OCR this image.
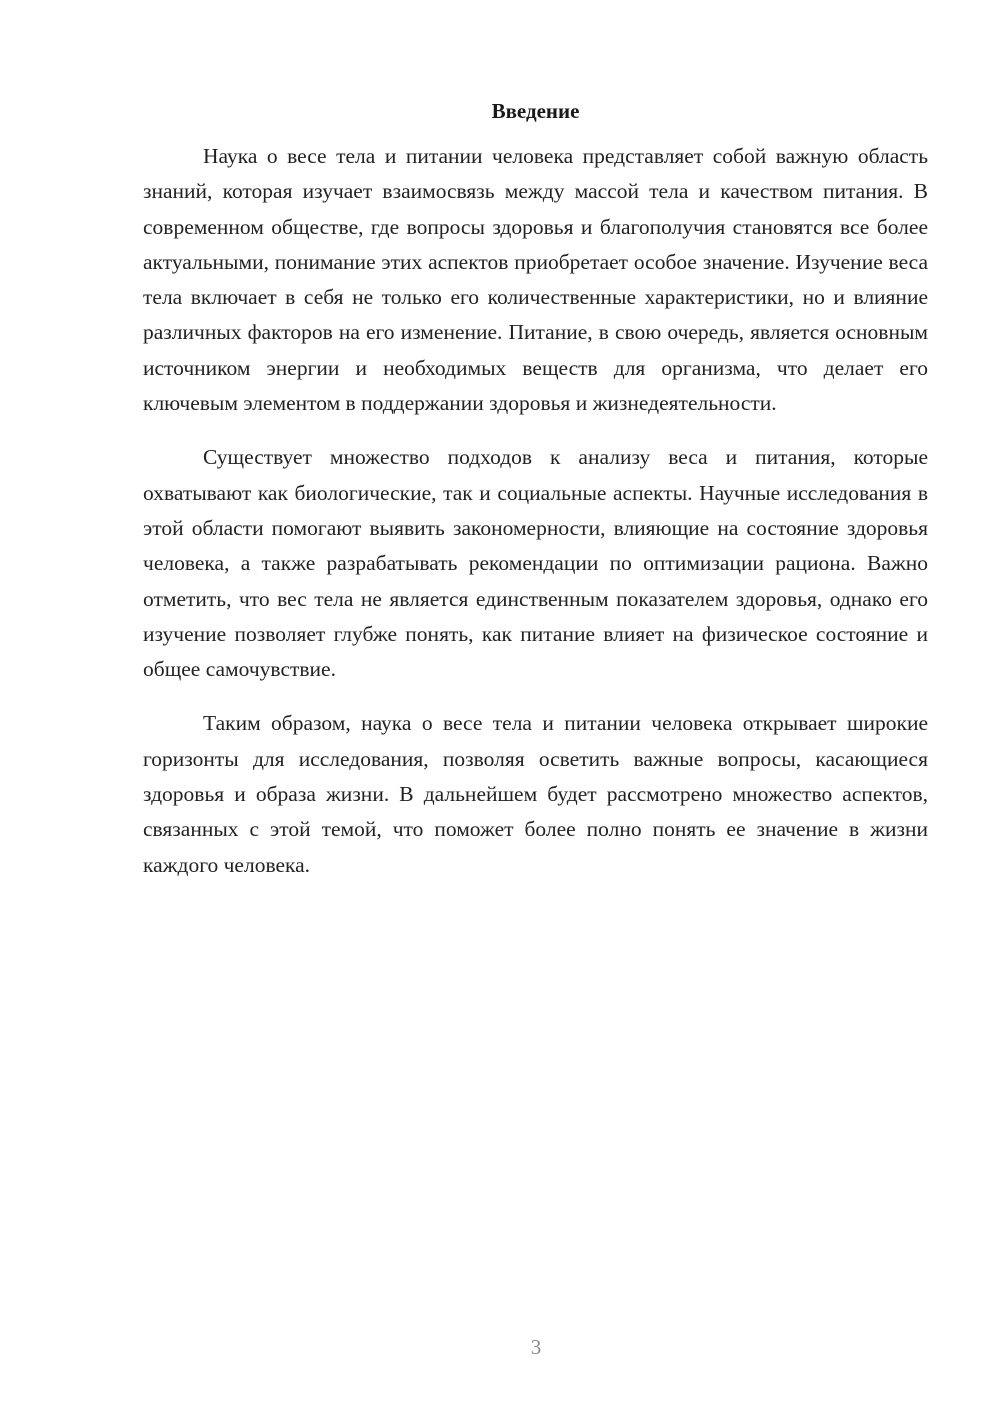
Введение

Наука о весе тела и питании человека представляет собой важную область знаний, которая изучает взаимосвязь между массой тела и качеством питания. В современном обществе, где вопросы здоровья и благополучия становятся все более актуальными, понимание этих аспектов приобретает особое значение. Изучение веса тела включает в себя не только его количественные характеристики, но и влияние различных факторов на его изменение. Питание, в свою очередь, является основным источником энергии и необходимых веществ для организма, что делает его ключевым элементом в поддержании здоровья и жизнедеятельности.

Существует множество подходов к анализу веса и питания, которые охватывают как биологические, так и социальные аспекты. Научные исследования в этой области помогают выявить закономерности, влияющие на состояние здоровья человека, а также разрабатывать рекомендации по оптимизации рациона. Важно отметить, что вес тела не является единственным показателем здоровья, однако его изучение позволяет глубже понять, как питание влияет на физическое состояние и общее самочувствие.

Таким образом, наука о весе тела и питании человека открывает широкие горизонты для исследования, позволяя осветить важные вопросы, касающиеся здоровья и образа жизни. В дальнейшем будет рассмотрено множество аспектов, связанных с этой темой, что поможет более полно понять ее значение в жизни каждого человека.

3
